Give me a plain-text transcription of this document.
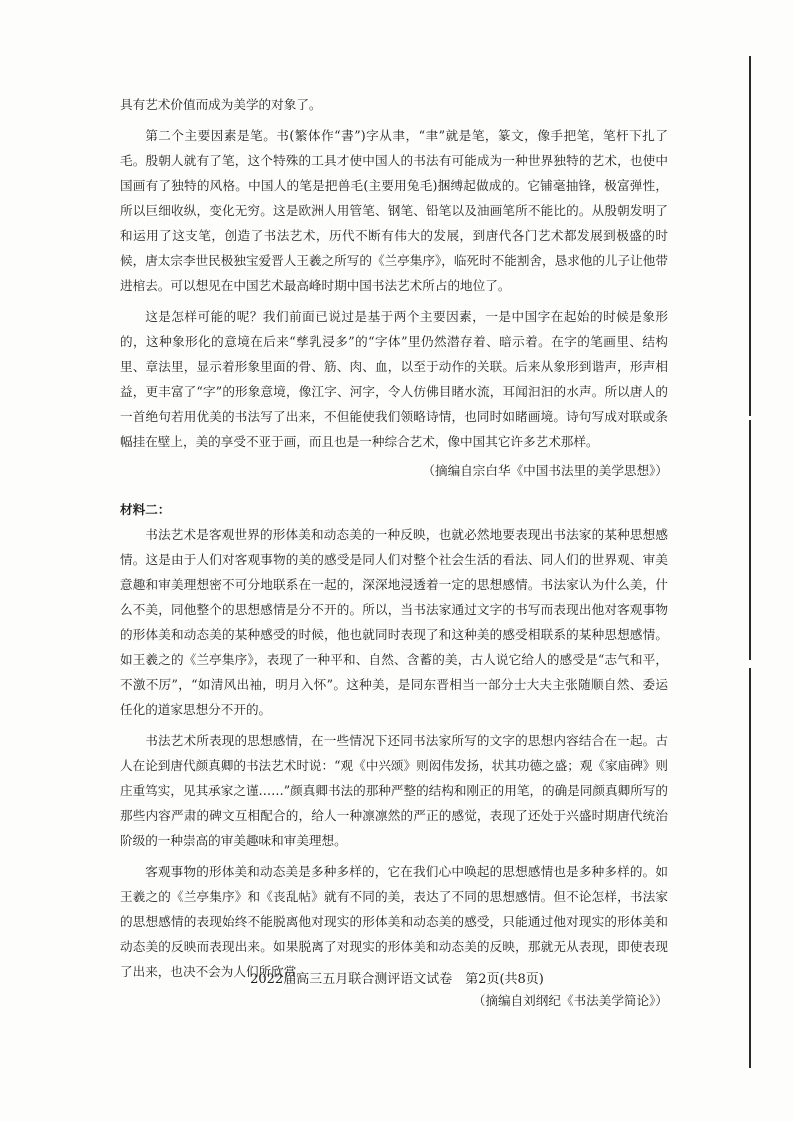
具有艺术价值而成为美学的对象了。

第二个主要因素是笔。书(繁体作“書”)字从聿，“聿”就是笔，篆文，像手把笔，笔杆下扎了毛。殷朝人就有了笔，这个特殊的工具才使中国人的书法有可能成为一种世界独特的艺术，也使中国画有了独特的风格。中国人的笔是把兽毛(主要用兔毛)捆缚起做成的。它铺毫抽锋，极富弹性，所以巨细收纵，变化无穷。这是欧洲人用管笔、钢笔、铅笔以及油画笔所不能比的。从殷朝发明了和运用了这支笔，创造了书法艺术，历代不断有伟大的发展，到唐代各门艺术都发展到极盛的时候，唐太宗李世民极独宝爱晋人王羲之所写的《兰亭集序》，临死时不能割舍，恳求他的儿子让他带进棺去。可以想见在中国艺术最高峰时期中国书法艺术所占的地位了。

这是怎样可能的呢？我们前面已说过是基于两个主要因素，一是中国字在起始的时候是象形的，这种象形化的意境在后来“孳乳浸多”的“字体”里仍然潜存着、暗示着。在字的笔画里、结构里、章法里，显示着形象里面的骨、筋、肉、血，以至于动作的关联。后来从象形到谐声，形声相益，更丰富了“字”的形象意境，像江字、河字，令人仿佛目睹水流，耳闻汩汩的水声。所以唐人的一首绝句若用优美的书法写了出来，不但能使我们领略诗情，也同时如睹画境。诗句写成对联或条幅挂在壁上，美的享受不亚于画，而且也是一种综合艺术，像中国其它许多艺术那样。

（摘编自宗白华《中国书法里的美学思想》）

材料二：

书法艺术是客观世界的形体美和动态美的一种反映，也就必然地要表现出书法家的某种思想感情。这是由于人们对客观事物的美的感受是同人们对整个社会生活的看法、同人们的世界观、审美意趣和审美理想密不可分地联系在一起的，深深地浸透着一定的思想感情。书法家认为什么美，什么不美，同他整个的思想感情是分不开的。所以，当书法家通过文字的书写而表现出他对客观事物的形体美和动态美的某种感受的时候，他也就同时表现了和这种美的感受相联系的某种思想感情。如王羲之的《兰亭集序》，表现了一种平和、自然、含蓄的美，古人说它给人的感受是“志气和平，不激不厉”，“如清风出袖，明月入怀”。这种美，是同东晋相当一部分士大夫主张随顺自然、委运任化的道家思想分不开的。

书法艺术所表现的思想感情，在一些情况下还同书法家所写的文字的思想内容结合在一起。古人在论到唐代颜真卿的书法艺术时说：“观《中兴颂》则闳伟发扬，状其功德之盛；观《家庙碑》则庄重笃实，见其承家之谨……”颜真卿书法的那种严整的结构和刚正的用笔，的确是同颜真卿所写的那些内容严肃的碑文互相配合的，给人一种凛凛然的严正的感觉，表现了还处于兴盛时期唐代统治阶级的一种崇高的审美趣味和审美理想。

客观事物的形体美和动态美是多种多样的，它在我们心中唤起的思想感情也是多种多样的。如王羲之的《兰亭集序》和《丧乱帖》就有不同的美，表达了不同的思想感情。但不论怎样，书法家的思想感情的表现始终不能脱离他对现实的形体美和动态美的感受，只能通过他对现实的形体美和动态美的反映而表现出来。如果脱离了对现实的形体美和动态美的反映，那就无从表现，即使表现了出来，也决不会为人们所欣赏。

（摘编自刘纲纪《书法美学简论》）

2022届高三五月联合测评语文试卷　第2页(共8页)
